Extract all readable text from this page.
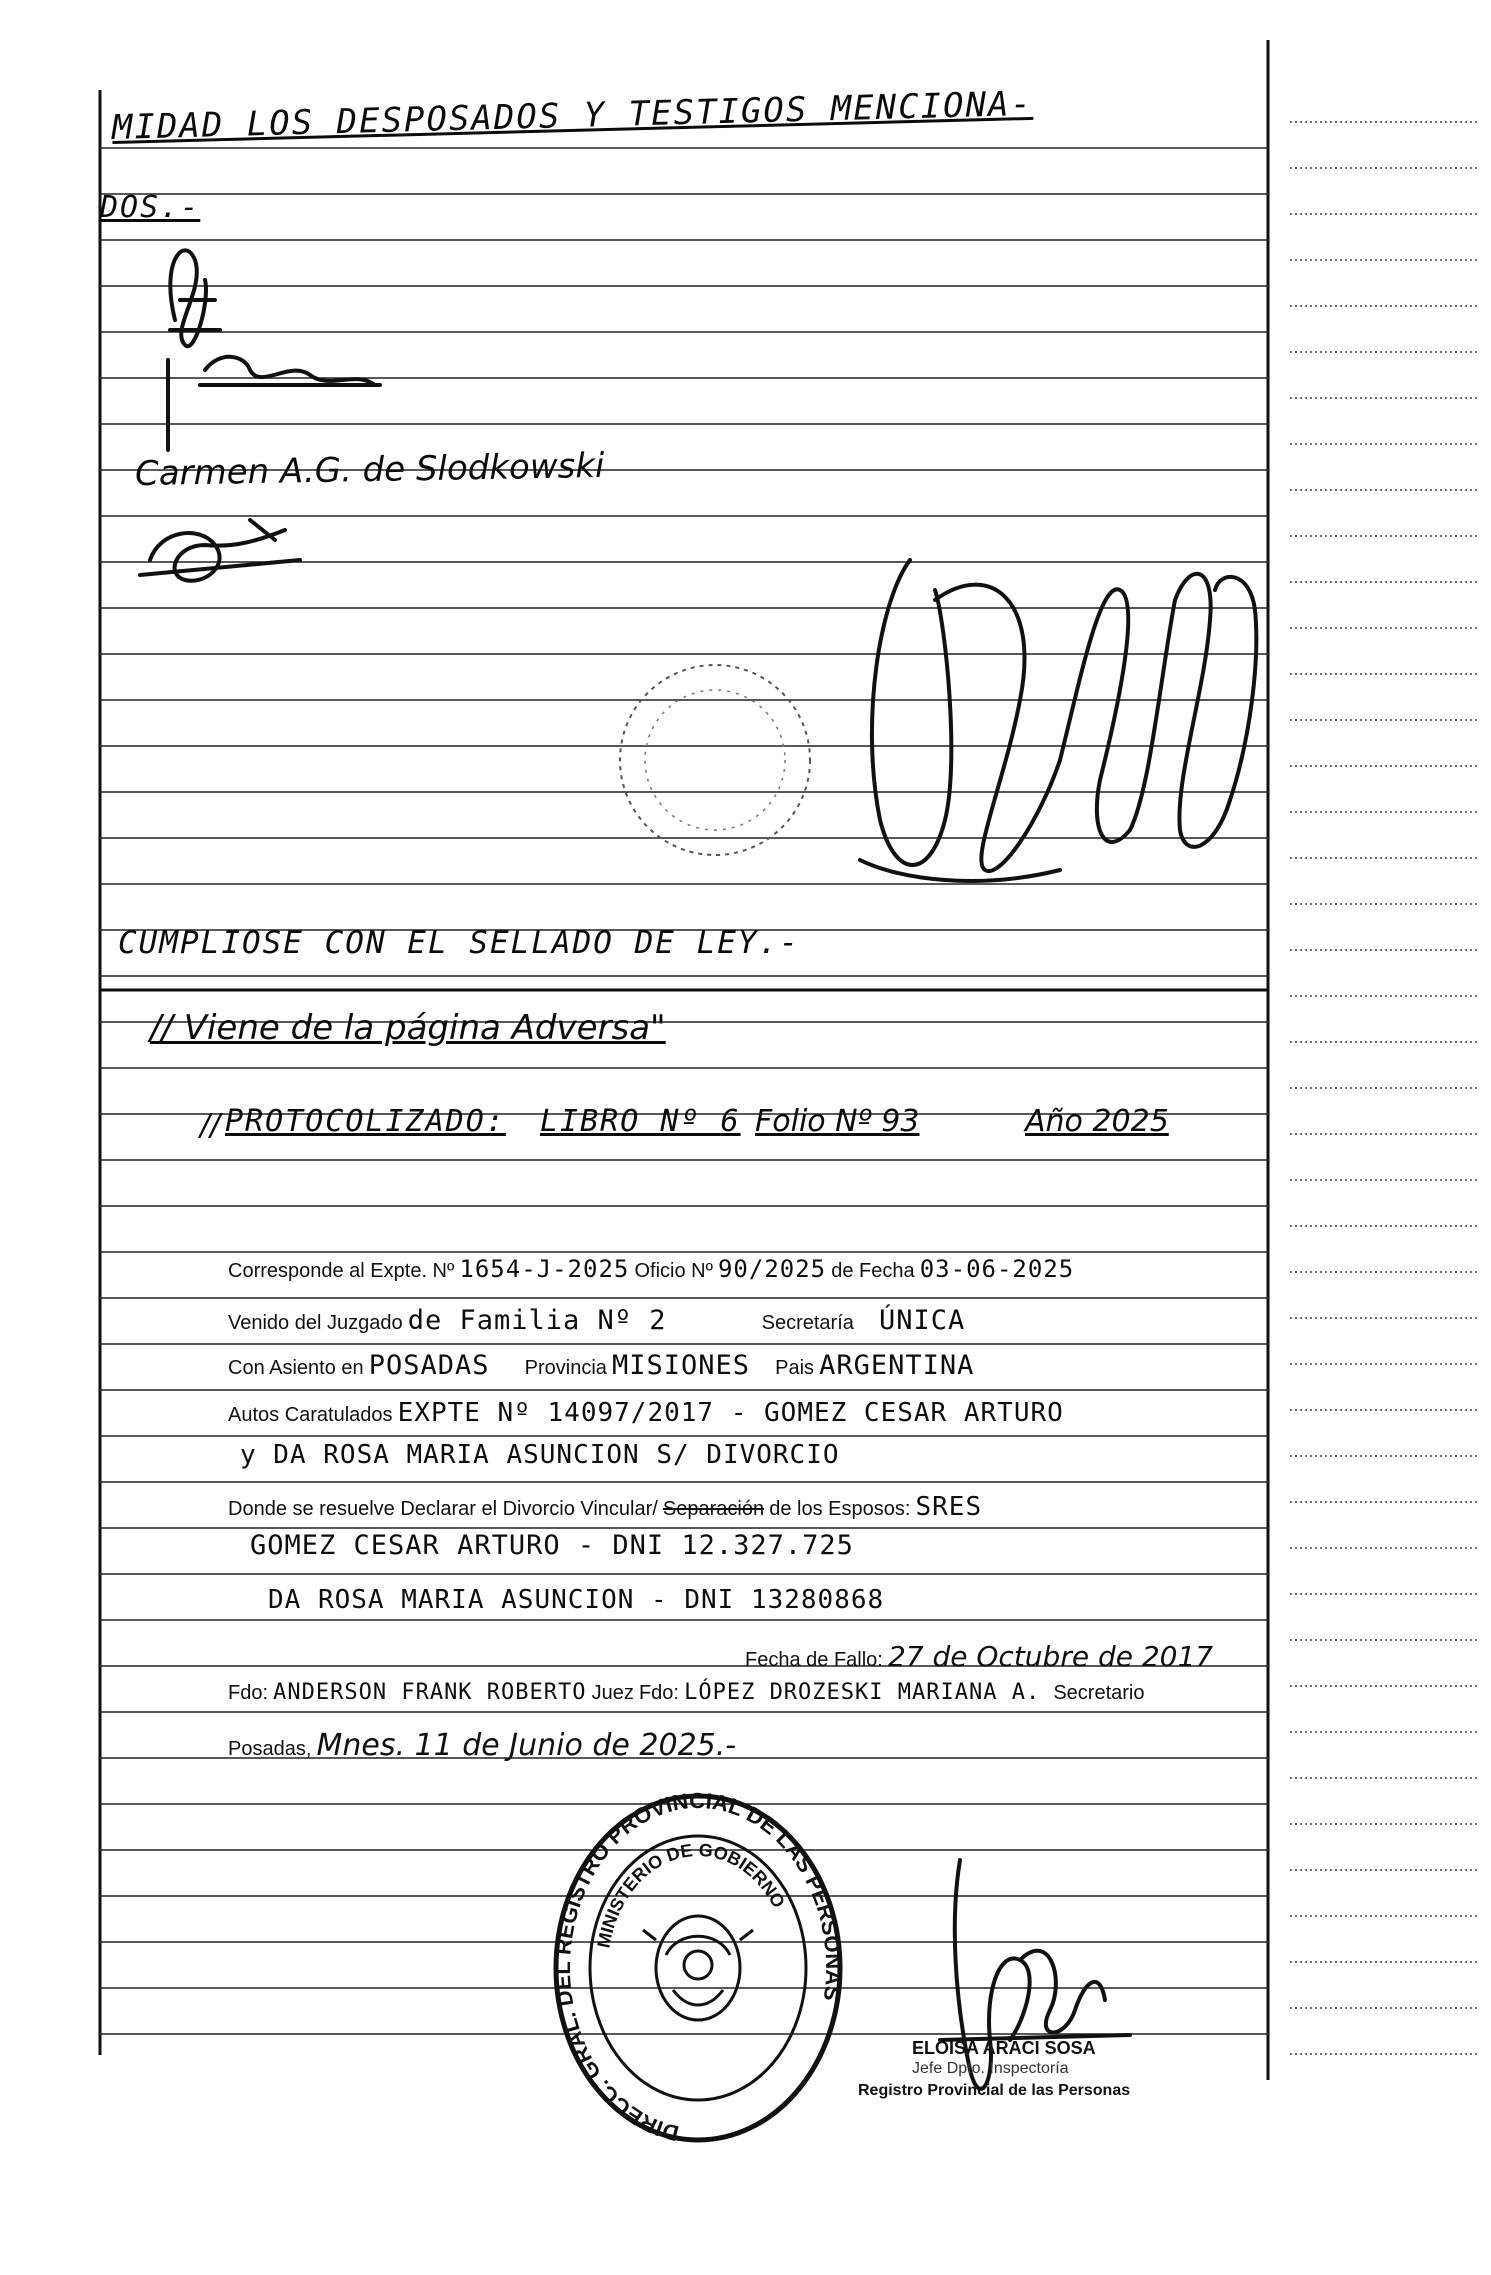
MIDAD LOS DESPOSADOS Y TESTIGOS MENCIONA-
DOS.-
Carmen A.G. de Slodkowski
CUMPLIOSE CON EL SELLADO DE LEY.-
// Viene de la página Adversa"
// PROTOCOLIZADO: LIBRO Nº 6 Folio Nº 93	Año 2025
Corresponde al Expte. Nº 1654-J-2025 Oficio Nº 90/2025 de Fecha 03-06-2025
Venido del Juzgado de Familia Nº 2	Secretaría ÚNICA
Con Asiento en POSADAS Provincia MISIONES Pais ARGENTINA
Autos Caratulados EXPTE Nº 14097/2017 - GOMEZ CESAR ARTURO
y DA ROSA MARIA ASUNCION S/ DIVORCIO
Donde se resuelve Declarar el Divorcio Vincular/ Separación de los Esposos: SRES
GOMEZ CESAR ARTURO - DNI 12.327.725
DA ROSA MARIA ASUNCION - DNI 13280868
Fecha de Fallo: 27 de Octubre de 2017
Fdo: ANDERSON FRANK ROBERTO Juez Fdo: LÓPEZ DROZESKI MARIANA A. Secretario
Posadas, Mnes. 11 de Junio de 2025.-
DIRECC. GRAL. DEL REGISTRO PROVINCIAL DE LAS PERSONAS
MINISTERIO DE GOBIERNO
ELOISA ARACI SOSA
Jefe Dpto. Inspectoría
Registro Provincial de las Personas
